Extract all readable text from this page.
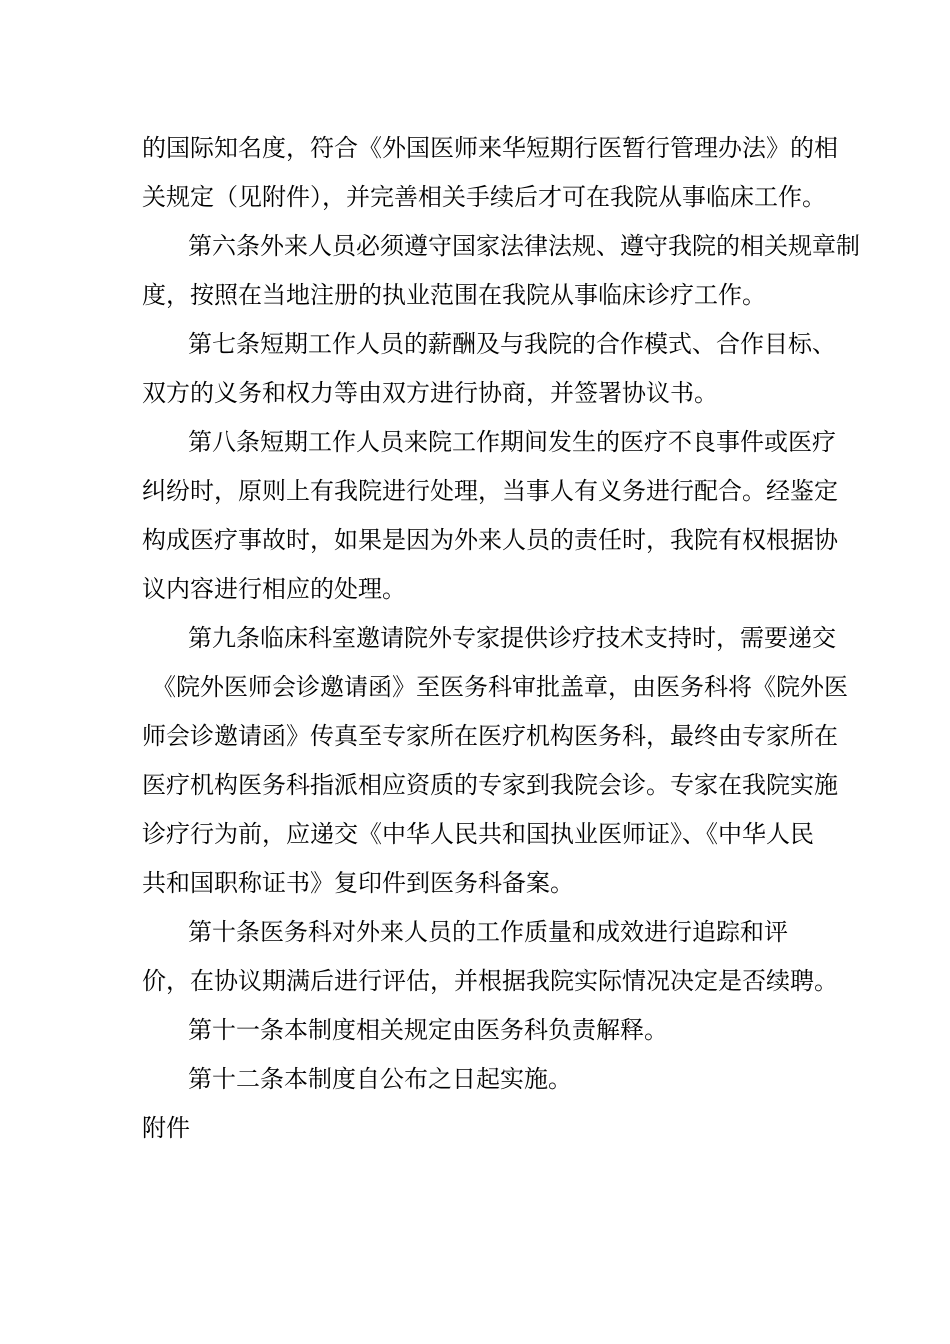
的国际知名度，符合《外国医师来华短期行医暂行管理办法》的相
关规定（见附件），并完善相关手续后才可在我院从事临床工作。
第六条外来人员必须遵守国家法律法规、遵守我院的相关规章制
度，按照在当地注册的执业范围在我院从事临床诊疗工作。
第七条短期工作人员的薪酬及与我院的合作模式、合作目标、
双方的义务和权力等由双方进行协商，并签署协议书。
第八条短期工作人员来院工作期间发生的医疗不良事件或医疗
纠纷时，原则上有我院进行处理，当事人有义务进行配合。经鉴定
构成医疗事故时，如果是因为外来人员的责任时，我院有权根据协
议内容进行相应的处理。
第九条临床科室邀请院外专家提供诊疗技术支持时，需要递交
《院外医师会诊邀请函》至医务科审批盖章，由医务科将《院外医
师会诊邀请函》传真至专家所在医疗机构医务科，最终由专家所在
医疗机构医务科指派相应资质的专家到我院会诊。专家在我院实施
诊疗行为前，应递交《中华人民共和国执业医师证》、《中华人民
共和国职称证书》复印件到医务科备案。
第十条医务科对外来人员的工作质量和成效进行追踪和评
价，在协议期满后进行评估，并根据我院实际情况决定是否续聘。
第十一条本制度相关规定由医务科负责解释。
第十二条本制度自公布之日起实施。
附件
